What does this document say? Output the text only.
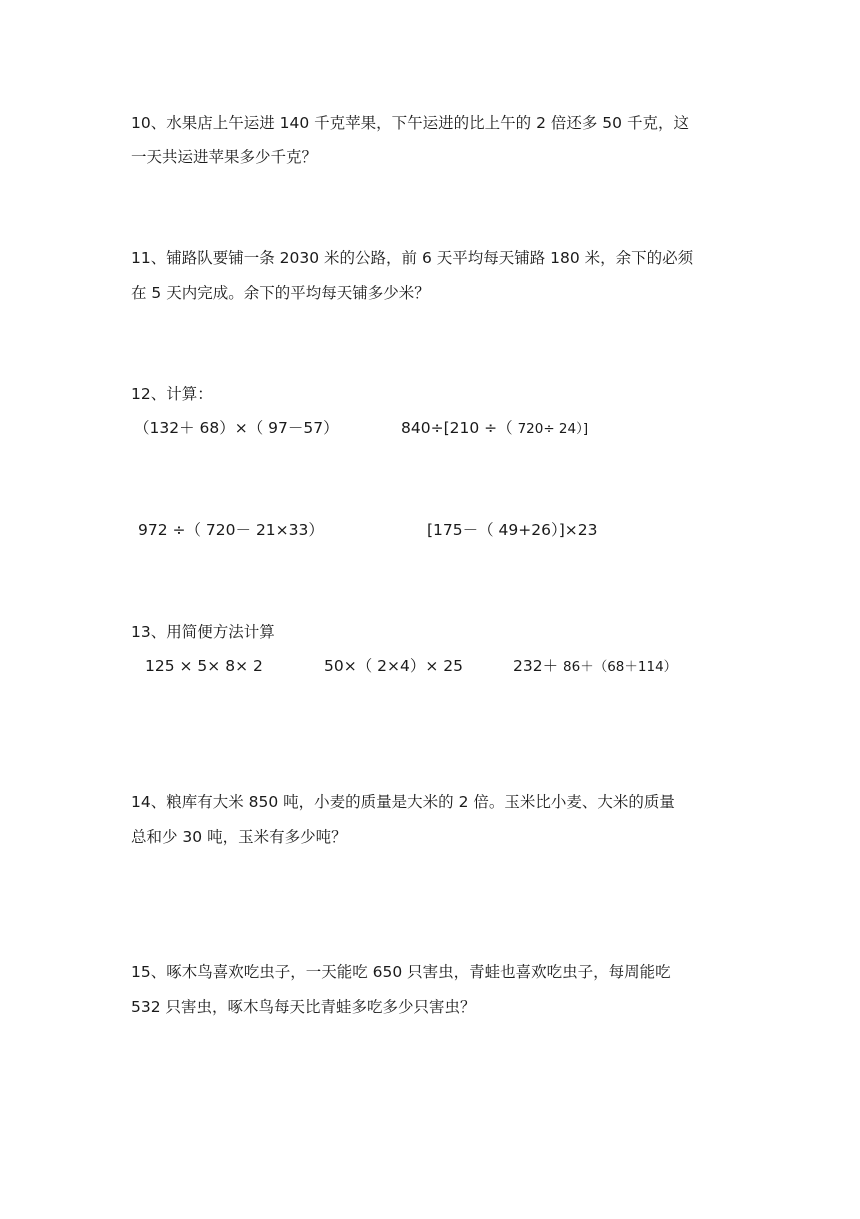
10、水果店上午运进 140 千克苹果，下午运进的比上午的 2 倍还多 50 千克，这
一天共运进苹果多少千克？
11、铺路队要铺一条 2030 米的公路，前 6 天平均每天铺路 180 米，余下的必须
在 5 天内完成。余下的平均每天铺多少米？
12、计算：
（132＋ 68）×（ 97－57）	840÷[210 ÷（ 720÷ 24）]
972 ÷（ 720－ 21×33）	[175－（ 49+26）]×23
13、用简便方法计算
125 × 5× 8× 2	50×（ 2×4）× 25	232＋ 86＋（68＋114）
14、粮库有大米 850 吨，小麦的质量是大米的 2 倍。玉米比小麦、大米的质量
总和少 30 吨，玉米有多少吨？
15、啄木鸟喜欢吃虫子，一天能吃 650 只害虫，青蛙也喜欢吃虫子，每周能吃
532 只害虫，啄木鸟每天比青蛙多吃多少只害虫？
